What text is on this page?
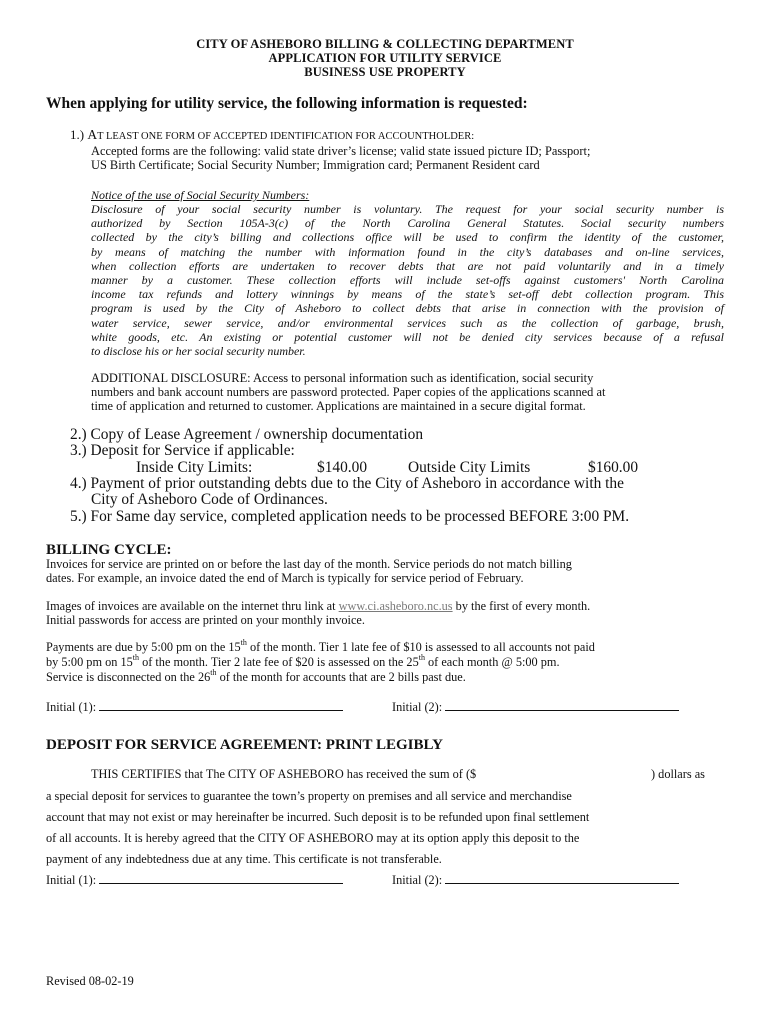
CITY OF ASHEBORO BILLING & COLLECTING DEPARTMENT
APPLICATION FOR UTILITY SERVICE
BUSINESS USE PROPERTY
When applying for utility service, the following information is requested:
1.) AT LEAST ONE FORM OF ACCEPTED IDENTIFICATION FOR ACCOUNTHOLDER:
Accepted forms are the following: valid state driver’s license; valid state issued picture ID; Passport;
US Birth Certificate; Social Security Number; Immigration card; Permanent Resident card
Notice of the use of Social Security Numbers:
Disclosure of your social security number is voluntary. The request for your social security number is
authorized by Section 105A-3(c) of the North Carolina General Statutes. Social security numbers
collected by the city’s billing and collections office will be used to confirm the identity of the customer,
by means of matching the number with information found in the city’s databases and on-line services,
when collection efforts are undertaken to recover debts that are not paid voluntarily and in a timely
manner by a customer. These collection efforts will include set-offs against customers' North Carolina
income tax refunds and lottery winnings by means of the state’s set-off debt collection program. This
program is used by the City of Asheboro to collect debts that arise in connection with the provision of
water service, sewer service, and/or environmental services such as the collection of garbage, brush,
white goods, etc. An existing or potential customer will not be denied city services because of a refusal
to disclose his or her social security number.
ADDITIONAL DISCLOSURE: Access to personal information such as identification, social security
numbers and bank account numbers are password protected. Paper copies of the applications scanned at
time of application and returned to customer. Applications are maintained in a secure digital format.
2.) Copy of Lease Agreement / ownership documentation
3.) Deposit for Service if applicable:
Inside City Limits:	$140.00	Outside City Limits	$160.00
4.) Payment of prior outstanding debts due to the City of Asheboro in accordance with the
City of Asheboro Code of Ordinances.
5.) For Same day service, completed application needs to be processed BEFORE 3:00 PM.
BILLING CYCLE:
Invoices for service are printed on or before the last day of the month. Service periods do not match billing
dates. For example, an invoice dated the end of March is typically for service period of February.
Images of invoices are available on the internet thru link at www.ci.asheboro.nc.us by the first of every month.
Initial passwords for access are printed on your monthly invoice.
Payments are due by 5:00 pm on the 15th of the month. Tier 1 late fee of $10 is assessed to all accounts not paid
by 5:00 pm on 15th of the month. Tier 2 late fee of $20 is assessed on the 25th of each month @ 5:00 pm.
Service is disconnected on the 26th of the month for accounts that are 2 bills past due.
Initial (1):	Initial (2):
DEPOSIT FOR SERVICE AGREEMENT: PRINT LEGIBLY
THIS CERTIFIES that The CITY OF ASHEBORO has received the sum of ($	) dollars as
a special deposit for services to guarantee the town’s property on premises and all service and merchandise
account that may not exist or may hereinafter be incurred. Such deposit is to be refunded upon final settlement
of all accounts. It is hereby agreed that the CITY OF ASHEBORO may at its option apply this deposit to the
payment of any indebtedness due at any time. This certificate is not transferable.
Initial (1):	Initial (2):
Revised 08-02-19
